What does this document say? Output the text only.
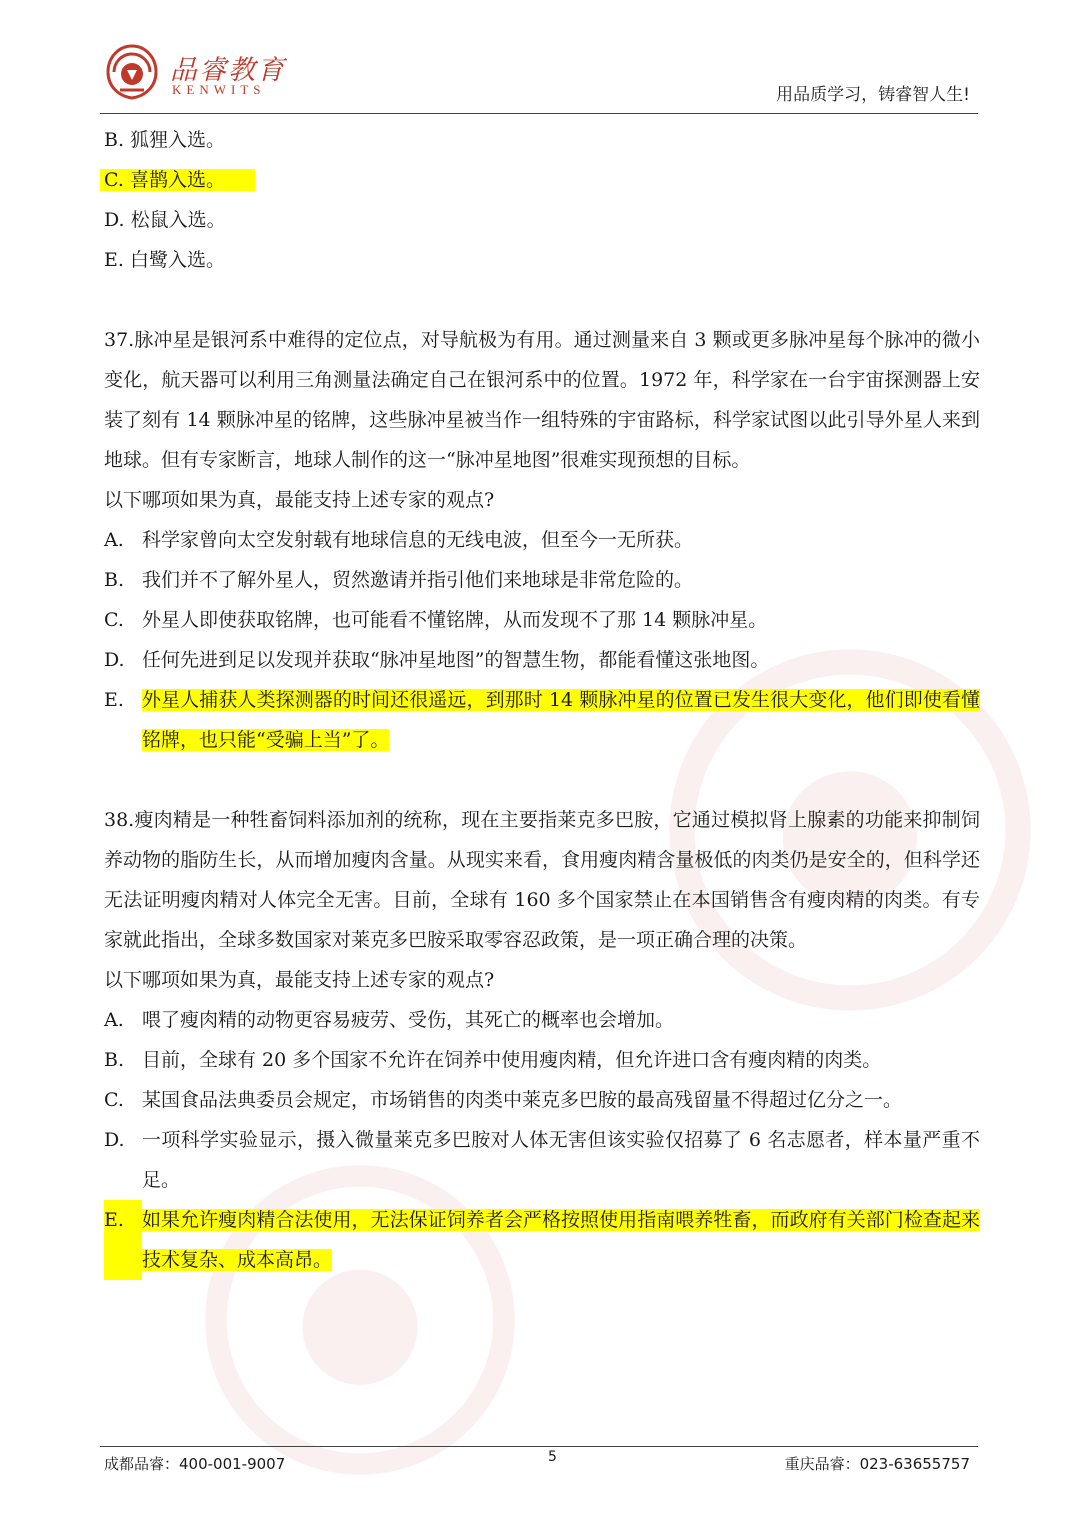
品睿教育
KENWITS	用品质学习，铸睿智人生!
B. 狐狸入选。
C. 喜鹊入选。
D. 松鼠入选。
E. 白鹭入选。
37.脉冲星是银河系中难得的定位点，对导航极为有用。通过测量来自 3 颗或更多脉冲星每个脉冲的微小变化，航天器可以利用三角测量法确定自己在银河系中的位置。1972 年，科学家在一台宇宙探测器上安装了刻有 14 颗脉冲星的铭牌，这些脉冲星被当作一组特殊的宇宙路标，科学家试图以此引导外星人来到地球。但有专家断言，地球人制作的这一“脉冲星地图”很难实现预想的目标。
以下哪项如果为真，最能支持上述专家的观点?
A. 科学家曾向太空发射载有地球信息的无线电波，但至今一无所获。
B. 我们并不了解外星人，贸然邀请并指引他们来地球是非常危险的。
C. 外星人即使获取铭牌，也可能看不懂铭牌，从而发现不了那 14 颗脉冲星。
D. 任何先进到足以发现并获取“脉冲星地图”的智慧生物，都能看懂这张地图。
E. 外星人捕获人类探测器的时间还很遥远，到那时 14 颗脉冲星的位置已发生很大变化，他们即使看懂铭牌，也只能“受骗上当”了。
38.瘦肉精是一种牲畜饲料添加剂的统称，现在主要指莱克多巴胺，它通过模拟肾上腺素的功能来抑制饲养动物的脂防生长，从而增加瘦肉含量。从现实来看，食用瘦肉精含量极低的肉类仍是安全的，但科学还无法证明瘦肉精对人体完全无害。目前，全球有 160 多个国家禁止在本国销售含有瘦肉精的肉类。有专家就此指出，全球多数国家对莱克多巴胺采取零容忍政策，是一项正确合理的决策。
以下哪项如果为真，最能支持上述专家的观点?
A. 喂了瘦肉精的动物更容易疲劳、受伤，其死亡的概率也会增加。
B. 目前，全球有 20 多个国家不允许在饲养中使用瘦肉精，但允许进口含有瘦肉精的肉类。
C. 某国食品法典委员会规定，市场销售的肉类中莱克多巴胺的最高残留量不得超过亿分之一。
D. 一项科学实验显示，摄入微量莱克多巴胺对人体无害但该实验仅招募了 6 名志愿者，样本量严重不足。
E. 如果允许瘦肉精合法使用，无法保证饲养者会严格按照使用指南喂养牲畜，而政府有关部门检查起来技术复杂、成本高昂。
成都品睿：400-001-9007	5	重庆品睿：023-63655757
